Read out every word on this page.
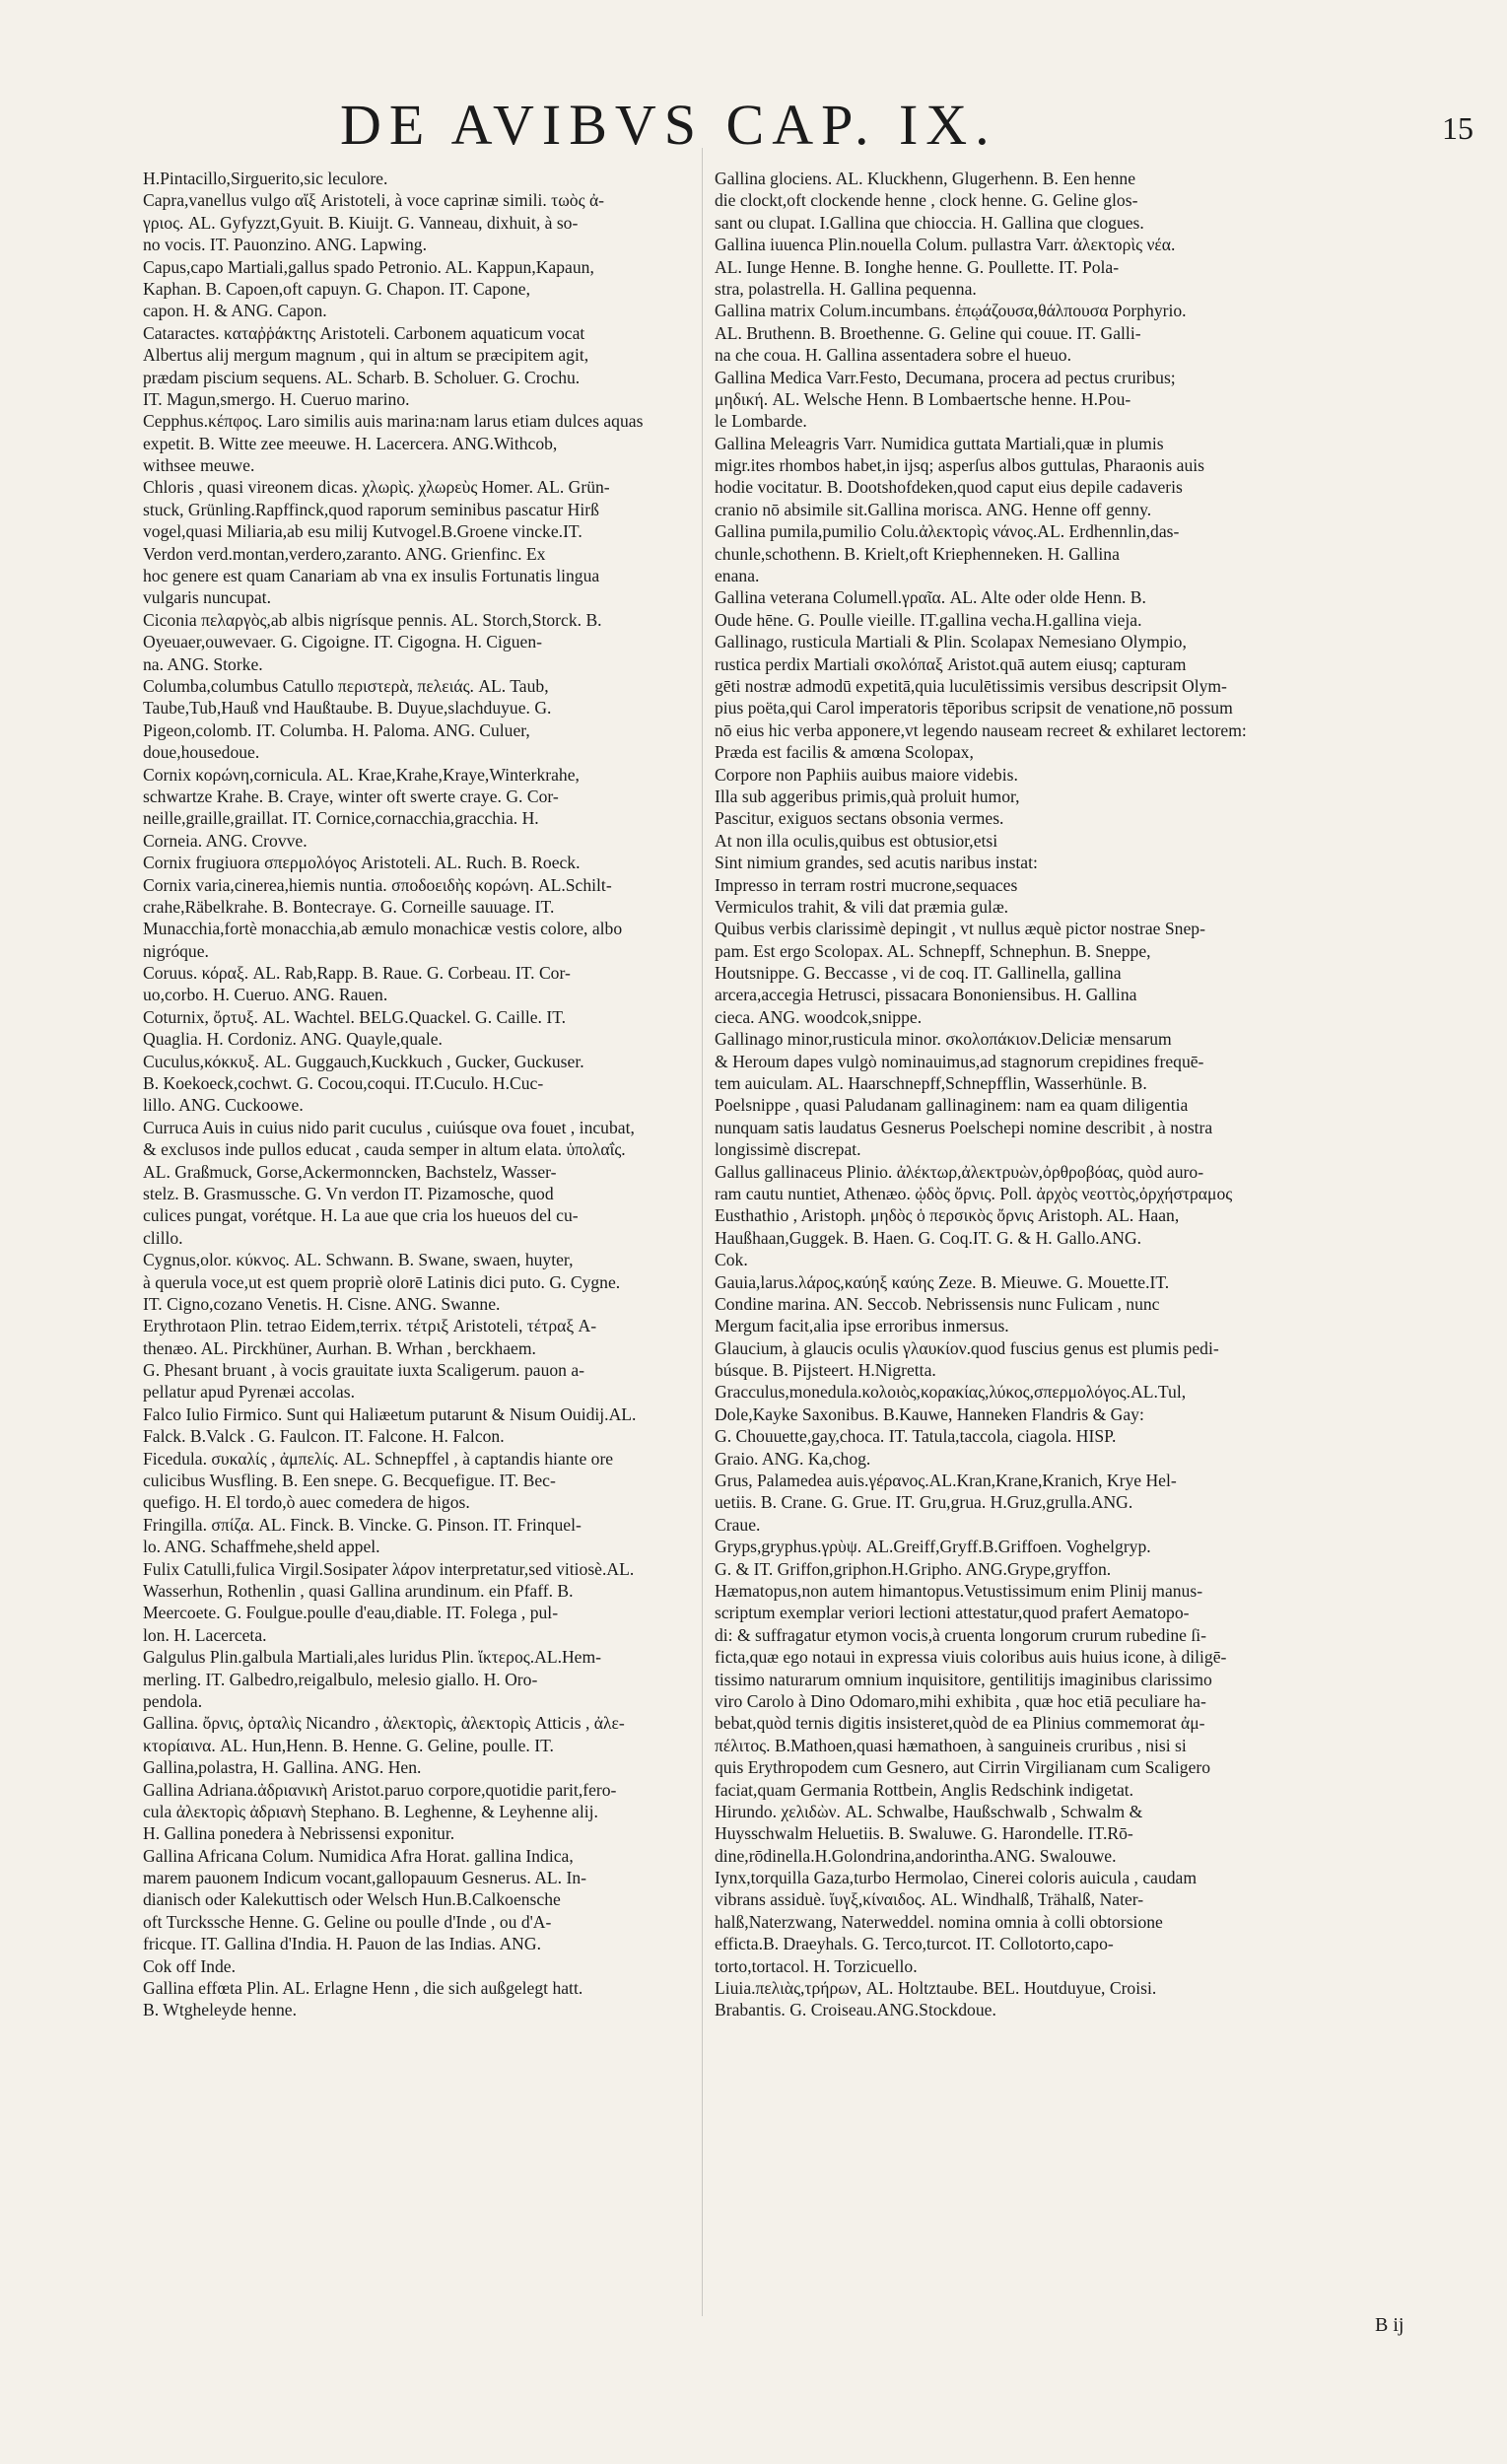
DE AVIBVS CAP. IX.	15
H.Pintacillo,Sirguerito,sic leculore.
Capra,vanellus vulgo αἴξ Aristoteli, à voce caprinæ simili. τωὸς ἀ-
γριος. AL. Gyfyzzt,Gyuit. B. Kiuijt. G. Vanneau, dixhuit, à so-
no vocis. IT. Pauonzino. ANG. Lapwing.
Capus,capo Martiali,gallus spado Petronio. AL. Kappun,Kapaun,
Kaphan. B. Capoen,oft capuyn. G. Chapon. IT. Capone,
capon. H. & ANG. Capon.
Cataractes. καταῤῥάκτης Aristoteli. Carbonem aquaticum vocat
Albertus alij mergum magnum , qui in altum se præcipitem agit,
prædam piscium sequens. AL. Scharb. B. Scholuer. G. Crochu.
IT. Magun,smergo. H. Cueruo marino.
Cepphus.κέπφος. Laro similis auis marina:nam larus etiam dulces aquas
expetit. B. Witte zee meeuwe. H. Lacercera. ANG.Withcob,
withsee meuwe.
Chloris , quasi vireonem dicas. χλωρὶς. χλωρεὺς Homer. AL. Grün-
stuck, Grünling.Rapffinck,quod raporum seminibus pascatur Hirß
vogel,quasi Miliaria,ab esu milij Kutvogel.B.Groene vincke.IT.
Verdon verd.montan,verdero,zaranto. ANG. Grienfinc. Ex
hoc genere est quam Canariam ab vna ex insulis Fortunatis lingua
vulgaris nuncupat.
Ciconia πελαργὸς,ab albis nigrísque pennis. AL. Storch,Storck. B.
Oyeuaer,ouwevaer. G. Cigoigne. IT. Cigogna. H. Ciguen-
na. ANG. Storke.
Columba,columbus Catullo περιστερὰ, πελειάς. AL. Taub,
Taube,Tub,Hauß vnd Haußtaube. B. Duyue,slachduyue. G.
Pigeon,colomb. IT. Columba. H. Paloma. ANG. Culuer,
doue,housedoue.
Cornix κορώνη,cornicula. AL. Krae,Krahe,Kraye,Winterkrahe,
schwartze Krahe. B. Craye, winter oft swerte craye. G. Cor-
neille,graille,graillat. IT. Cornice,cornacchia,gracchia. H.
Corneia. ANG. Crovve.
Cornix frugiuora σπερμολόγος Aristoteli. AL. Ruch. B. Roeck.
Cornix varia,cinerea,hiemis nuntia. σποδοειδὴς κορώνη. AL.Schilt-
crahe,Räbelkrahe. B. Bontecraye. G. Corneille sauuage. IT.
Munacchia,fortè monacchia,ab æmulo monachicæ vestis colore, albo
nigróque.
Coruus. κόραξ. AL. Rab,Rapp. B. Raue. G. Corbeau. IT. Cor-
uo,corbo. H. Cueruo. ANG. Rauen.
Coturnix, ὄρτυξ. AL. Wachtel. BELG.Quackel. G. Caille. IT.
Quaglia. H. Cordoniz. ANG. Quayle,quale.
Cuculus,κόκκυξ. AL. Guggauch,Kuckkuch , Gucker, Guckuser.
B. Koekoeck,cochwt. G. Cocou,coqui. IT.Cuculo. H.Cuc-
lillo. ANG. Cuckoowe.
Curruca Auis in cuius nido parit cuculus , cuiúsque ova fouet , incubat,
& exclusos inde pullos educat , cauda semper in altum elata. ὑπολαΐς.
AL. Graßmuck, Gorse,Ackermonncken, Bachstelz, Wasser-
stelz. B. Grasmussche. G. Vn verdon IT. Pizamosche, quod
culices pungat, vorétque. H. La aue que cria los hueuos del cu-
clillo.
Cygnus,olor. κύκνος. AL. Schwann. B. Swane, swaen, huyter,
à querula voce,ut est quem propriè olorē Latinis dici puto. G. Cygne.
IT. Cigno,cozano Venetis. H. Cisne. ANG. Swanne.
Erythrotaon Plin. tetrao Eidem,terrix. τέτριξ Aristoteli, τέτραξ A-
thenæo. AL. Pirckhüner, Aurhan. B. Wrhan , berckhaem.
G. Phesant bruant , à vocis grauitate iuxta Scaligerum. pauon a-
pellatur apud Pyrenæi accolas.
Falco Iulio Firmico. Sunt qui Haliæetum putarunt & Nisum Ouidij.AL.
Falck. B.Valck . G. Faulcon. IT. Falcone. H. Falcon.
Ficedula. συκαλίς , ἀμπελίς. AL. Schnepffel , à captandis hiante ore
culicibus Wusfling. B. Een snepe. G. Becquefigue. IT. Bec-
quefigo. H. El tordo,ò auec comedera de higos.
Fringilla. σπίζα. AL. Finck. B. Vincke. G. Pinson. IT. Frinquel-
lo. ANG. Schaffmehe,sheld appel.
Fulix Catulli,fulica Virgil.Sosipater λάρον interpretatur,sed vitiosè.AL.
Wasserhun, Rothenlin , quasi Gallina arundinum. ein Pfaff. B.
Meercoete. G. Foulgue.poulle d'eau,diable. IT. Folega , pul-
lon. H. Lacerceta.
Galgulus Plin.galbula Martiali,ales luridus Plin. ἴκτερος.AL.Hem-
merling. IT. Galbedro,reigalbulo, melesio giallo. H. Oro-
pendola.
Gallina. ὄρνις, ὀρταλὶς Nicandro , ἀλεκτορὶς, ἀλεκτορὶς Atticis , ἀλε-
κτορίαινα. AL. Hun,Henn. B. Henne. G. Geline, poulle. IT.
Gallina,polastra, H. Gallina. ANG. Hen.
Gallina Adriana.ἀδριανικὴ Aristot.paruo corpore,quotidie parit,fero-
cula ἀλεκτορὶς ἀδριανὴ Stephano. B. Leghenne, & Leyhenne alij.
H. Gallina ponedera à Nebrissensi exponitur.
Gallina Africana Colum. Numidica Afra Horat. gallina Indica,
marem pauonem Indicum vocant,gallopauum Gesnerus. AL. In-
dianisch oder Kalekuttisch oder Welsch Hun.B.Calkoensche
oft Turckssche Henne. G. Geline ou poulle d'Inde , ou d'A-
fricque. IT. Gallina d'India. H. Pauon de las Indias. ANG.
Cok off Inde.
Gallina effœta Plin. AL. Erlagne Henn , die sich außgelegt hatt.
B. Wtgheleyde henne.
Gallina glociens. AL. Kluckhenn, Glugerhenn. B. Een henne
die clockt,oft clockende henne , clock henne. G. Geline glos-
sant ou clupat. I.Gallina que chioccia. H. Gallina que clogues.
Gallina iuuenca Plin.nouella Colum. pullastra Varr. ἀλεκτορὶς νέα.
AL. Iunge Henne. B. Ionghe henne. G. Poullette. IT. Pola-
stra, polastrella. H. Gallina pequenna.
Gallina matrix Colum.incumbans. ἐπῳάζουσα,θάλπουσα Porphyrio.
AL. Bruthenn. B. Broethenne. G. Geline qui couue. IT. Galli-
na che coua. H. Gallina assentadera sobre el hueuo.
Gallina Medica Varr.Festo, Decumana, procera ad pectus cruribus;
μηδική. AL. Welsche Henn. B Lombaertsche henne. H.Pou-
le Lombarde.
Gallina Meleagris Varr. Numidica guttata Martiali,quæ in plumis
migr.ites rhombos habet,in ijsq; asperſus albos guttulas, Pharaonis auis
hodie vocitatur. B. Dootshofdeken,quod caput eius depile cadaveris
cranio nō absimile sit.Gallina morisca. ANG. Henne off genny.
Gallina pumila,pumilio Colu.ἀλεκτορὶς νάνος.AL. Erdhennlin,das-
chunle,schothenn. B. Krielt,oft Kriephenneken. H. Gallina
enana.
Gallina veterana Columell.γραῖα. AL. Alte oder olde Henn. B.
Oude hēne. G. Poulle vieille. IT.gallina vecha.H.gallina vieja.
Gallinago, rusticula Martiali & Plin. Scolapax Nemesiano Olympio,
rustica perdix Martiali σκολόπαξ Aristot.quā autem eiusq; capturam
gēti nostræ admodū expetitā,quia luculētissimis versibus descripsit Olym-
pius poëta,qui Carol imperatoris tēporibus scripsit de venatione,nō possum
nō eius hic verba apponere,vt legendo nauseam recreet & exhilaret lectorem:
Præda est facilis & amœna Scolopax,
Corpore non Paphiis auibus maiore videbis.
Illa sub aggeribus primis,quà proluit humor,
Pascitur, exiguos sectans obsonia vermes.
At non illa oculis,quibus est obtusior,etsi
Sint nimium grandes, sed acutis naribus instat:
Impresso in terram rostri mucrone,sequaces
Vermiculos trahit, & vili dat præmia gulæ.
Quibus verbis clarissimè depingit , vt nullus æquè pictor nostrae Snep-
pam. Est ergo Scolopax. AL. Schnepff, Schnephun. B. Sneppe,
Houtsnippe. G. Beccasse , vi de coq. IT. Gallinella, gallina
arcera,accegia Hetrusci, pissacara Bononiensibus. H. Gallina
cieca. ANG. woodcok,snippe.
Gallinago minor,rusticula minor. σκολοπάκιον.Deliciæ mensarum
& Heroum dapes vulgò nominauimus,ad stagnorum crepidines frequē-
tem auiculam. AL. Haarschnepff,Schnepfflin, Wasserhünle. B.
Poelsnippe , quasi Paludanam gallinaginem: nam ea quam diligentia
nunquam satis laudatus Gesnerus Poelschepi nomine describit , à nostra
longissimè discrepat.
Gallus gallinaceus Plinio. ἀλέκτωρ,ἀλεκτρυὼν,ὀρθροβόας, quòd auro-
ram cautu nuntiet, Athenæo. ᾠδὸς ὄρνις. Poll. ἀρχὸς νεοττὸς,ὀρχήστραμος
Eusthathio , Aristoph. μηδὸς ὁ περσικὸς ὄρνις Aristoph. AL. Haan,
Haußhaan,Guggek. B. Haen. G. Coq.IT. G. & H. Gallo.ANG.
Cok.
Gauia,larus.λάρος,καύηξ καύης Zeze. B. Mieuwe. G. Mouette.IT.
Condine marina. AN. Seccob. Nebrissensis nunc Fulicam , nunc
Mergum facit,alia ipse erroribus inmersus.
Glaucium, à glaucis oculis γλαυκίον.quod fuscius genus est plumis pedi-
búsque. B. Pijsteert. H.Nigretta.
Gracculus,monedula.κολοιὸς,κορακίας,λύκος,σπερμολόγος.AL.Tul,
Dole,Kayke Saxonibus. B.Kauwe, Hanneken Flandris & Gay:
G. Chouuette,gay,choca. IT. Tatula,taccola, ciagola. HISP.
Graio. ANG. Ka,chog.
Grus, Palamedea auis.γέρανος.AL.Kran,Krane,Kranich, Krye Hel-
uetiis. B. Crane. G. Grue. IT. Gru,grua. H.Gruz,grulla.ANG.
Craue.
Gryps,gryphus.γρὺψ. AL.Greiff,Gryff.B.Griffoen. Voghelgryp.
G. & IT. Griffon,griphon.H.Gripho. ANG.Grype,gryffon.
Hæmatopus,non autem himantopus.Vetustissimum enim Plinij manus-
scriptum exemplar veriori lectioni attestatur,quod prafert Aematopo-
di: & suffragatur etymon vocis,à cruenta longorum crurum rubedine ſi-
ficta,quæ ego notaui in expressa viuis coloribus auis huius icone, à diligē-
tissimo naturarum omnium inquisitore, gentilitijs imaginibus clarissimo
viro Carolo à Dino Odomaro,mihi exhibita , quæ hoc etiā peculiare ha-
bebat,quòd ternis digitis insisteret,quòd de ea Plinius commemorat ἀμ-
πέλιτος. B.Mathoen,quasi hæmathoen, à sanguineis cruribus , nisi si
quis Erythropodem cum Gesnero, aut Cirrin Virgilianam cum Scaligero
faciat,quam Germania Rottbein, Anglis Redschink indigetat.
Hirundo. χελιδὼν. AL. Schwalbe, Haußschwalb , Schwalm &
Huysschwalm Heluetiis. B. Swaluwe. G. Harondelle. IT.Rō-
dine,rōdinella.H.Golondrina,andorintha.ANG. Swalouwe.
Iynx,torquilla Gaza,turbo Hermolao, Cinerei coloris auicula , caudam
vibrans assiduè. ἴυγξ,κίναιδος. AL. Windhalß, Trähalß, Nater-
halß,Naterzwang, Naterweddel. nomina omnia à colli obtorsione
efficta.B. Draeyhals. G. Terco,turcot. IT. Collotorto,capo-
torto,tortacol. H. Torzicuello.
Liuia.πελιὰς,τρήρων, AL. Holtztaube. BEL. Houtduyue, Croisi.
Brabantis. G. Croiseau.ANG.Stockdoue.
B ij
